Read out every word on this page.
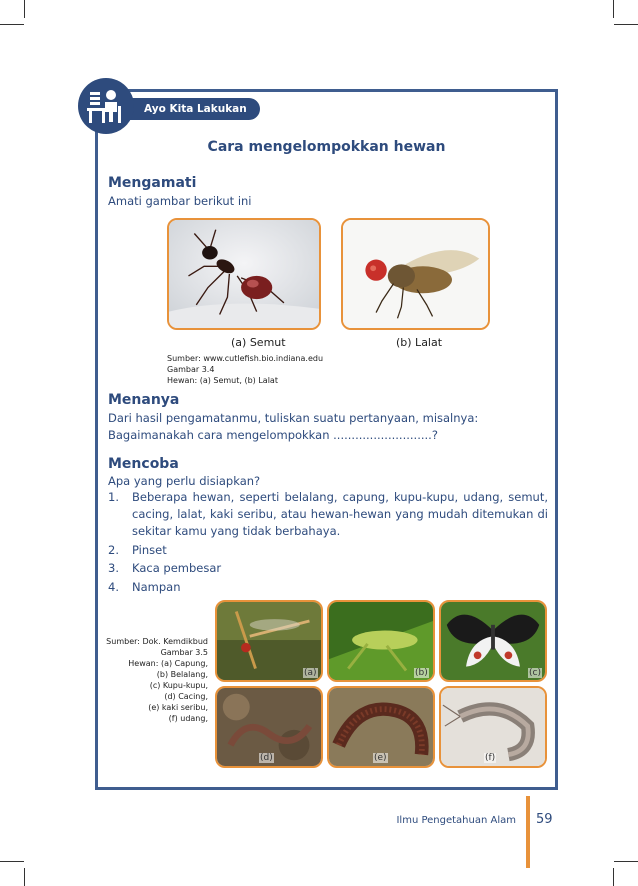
Ayo Kita Lakukan
Cara mengelompokkan hewan
Mengamati
Amati gambar berikut ini
(a) Semut	(b) Lalat
Sumber: www.cutlefish.bio.indiana.edu
Gambar 3.4
Hewan: (a) Semut, (b) Lalat
Menanya
Dari hasil pengamatanmu, tuliskan suatu pertanyaan, misalnya:
Bagaimanakah cara mengelompokkan ...........................?
Mencoba
Apa yang perlu disiapkan?
1.	Beberapa hewan, seperti belalang, capung, kupu-kupu, udang, semut, cacing, lalat, kaki seribu, atau hewan-hewan yang mudah ditemukan di sekitar kamu yang tidak berbahaya.
2.	Pinset
3.	Kaca pembesar
4.	Nampan
Sumber: Dok. Kemdikbud
Gambar 3.5
Hewan: (a) Capung,
(b) Belalang,
(c) Kupu-kupu,
(d) Cacing,
(e) kaki seribu,
(f) udang,
(a)	(b)	(c)
(d)	(e)	(f)
Ilmu Pengetahuan Alam 59
